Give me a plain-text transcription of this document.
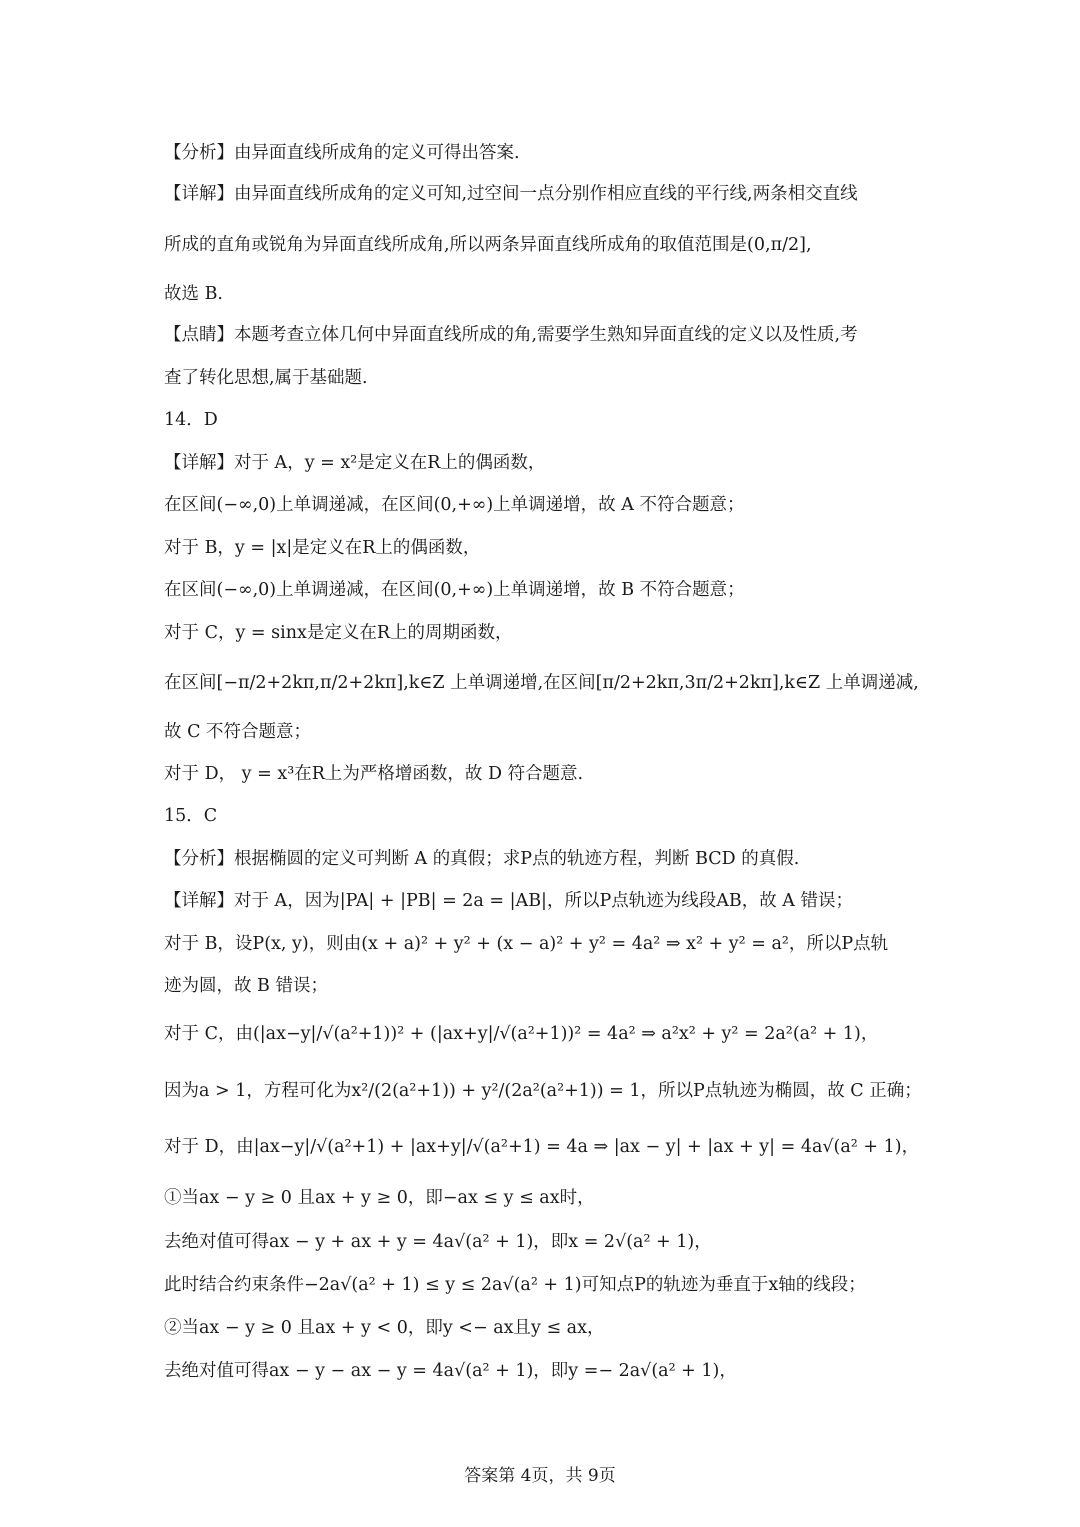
【分析】由异面直线所成角的定义可得出答案.
【详解】由异面直线所成角的定义可知,过空间一点分别作相应直线的平行线,两条相交直线
所成的直角或锐角为异面直线所成角,所以两条异面直线所成角的取值范围是(0,π/2],
故选 B.
【点睛】本题考查立体几何中异面直线所成的角,需要学生熟知异面直线的定义以及性质,考
查了转化思想,属于基础题.
14．D
【详解】对于 A，y = x²是定义在R上的偶函数，
在区间(−∞,0)上单调递减，在区间(0,+∞)上单调递增，故 A 不符合题意；
对于 B，y = |x|是定义在R上的偶函数，
在区间(−∞,0)上单调递减，在区间(0,+∞)上单调递增，故 B 不符合题意；
对于 C，y = sinx是定义在R上的周期函数，
在区间[−π/2+2kπ,π/2+2kπ],k∈Z 上单调递增,在区间[π/2+2kπ,3π/2+2kπ],k∈Z 上单调递减,
故 C 不符合题意；
对于 D， y = x³在R上为严格增函数，故 D 符合题意.
15．C
【分析】根据椭圆的定义可判断 A 的真假；求P点的轨迹方程，判断 BCD 的真假.
【详解】对于 A，因为|PA| + |PB| = 2a = |AB|，所以P点轨迹为线段AB，故 A 错误；
对于 B，设P(x, y)，则由(x + a)² + y² + (x − a)² + y² = 4a² ⇒ x² + y² = a²，所以P点轨
迹为圆，故 B 错误；
对于 C，由(|ax−y|/√(a²+1))² + (|ax+y|/√(a²+1))² = 4a² ⇒ a²x² + y² = 2a²(a² + 1)，
因为a > 1，方程可化为x²/(2(a²+1)) + y²/(2a²(a²+1)) = 1，所以P点轨迹为椭圆，故 C 正确；
对于 D，由|ax−y|/√(a²+1) + |ax+y|/√(a²+1) = 4a ⇒ |ax − y| + |ax + y| = 4a√(a² + 1)，
①当ax − y ≥ 0 且ax + y ≥ 0，即−ax ≤ y ≤ ax时，
去绝对值可得ax − y + ax + y = 4a√(a² + 1)，即x = 2√(a² + 1)，
此时结合约束条件−2a√(a² + 1) ≤ y ≤ 2a√(a² + 1)可知点P的轨迹为垂直于x轴的线段；
②当ax − y ≥ 0 且ax + y < 0，即y <− ax且y ≤ ax，
去绝对值可得ax − y − ax − y = 4a√(a² + 1)，即y =− 2a√(a² + 1)，
答案第 4页，共 9页
